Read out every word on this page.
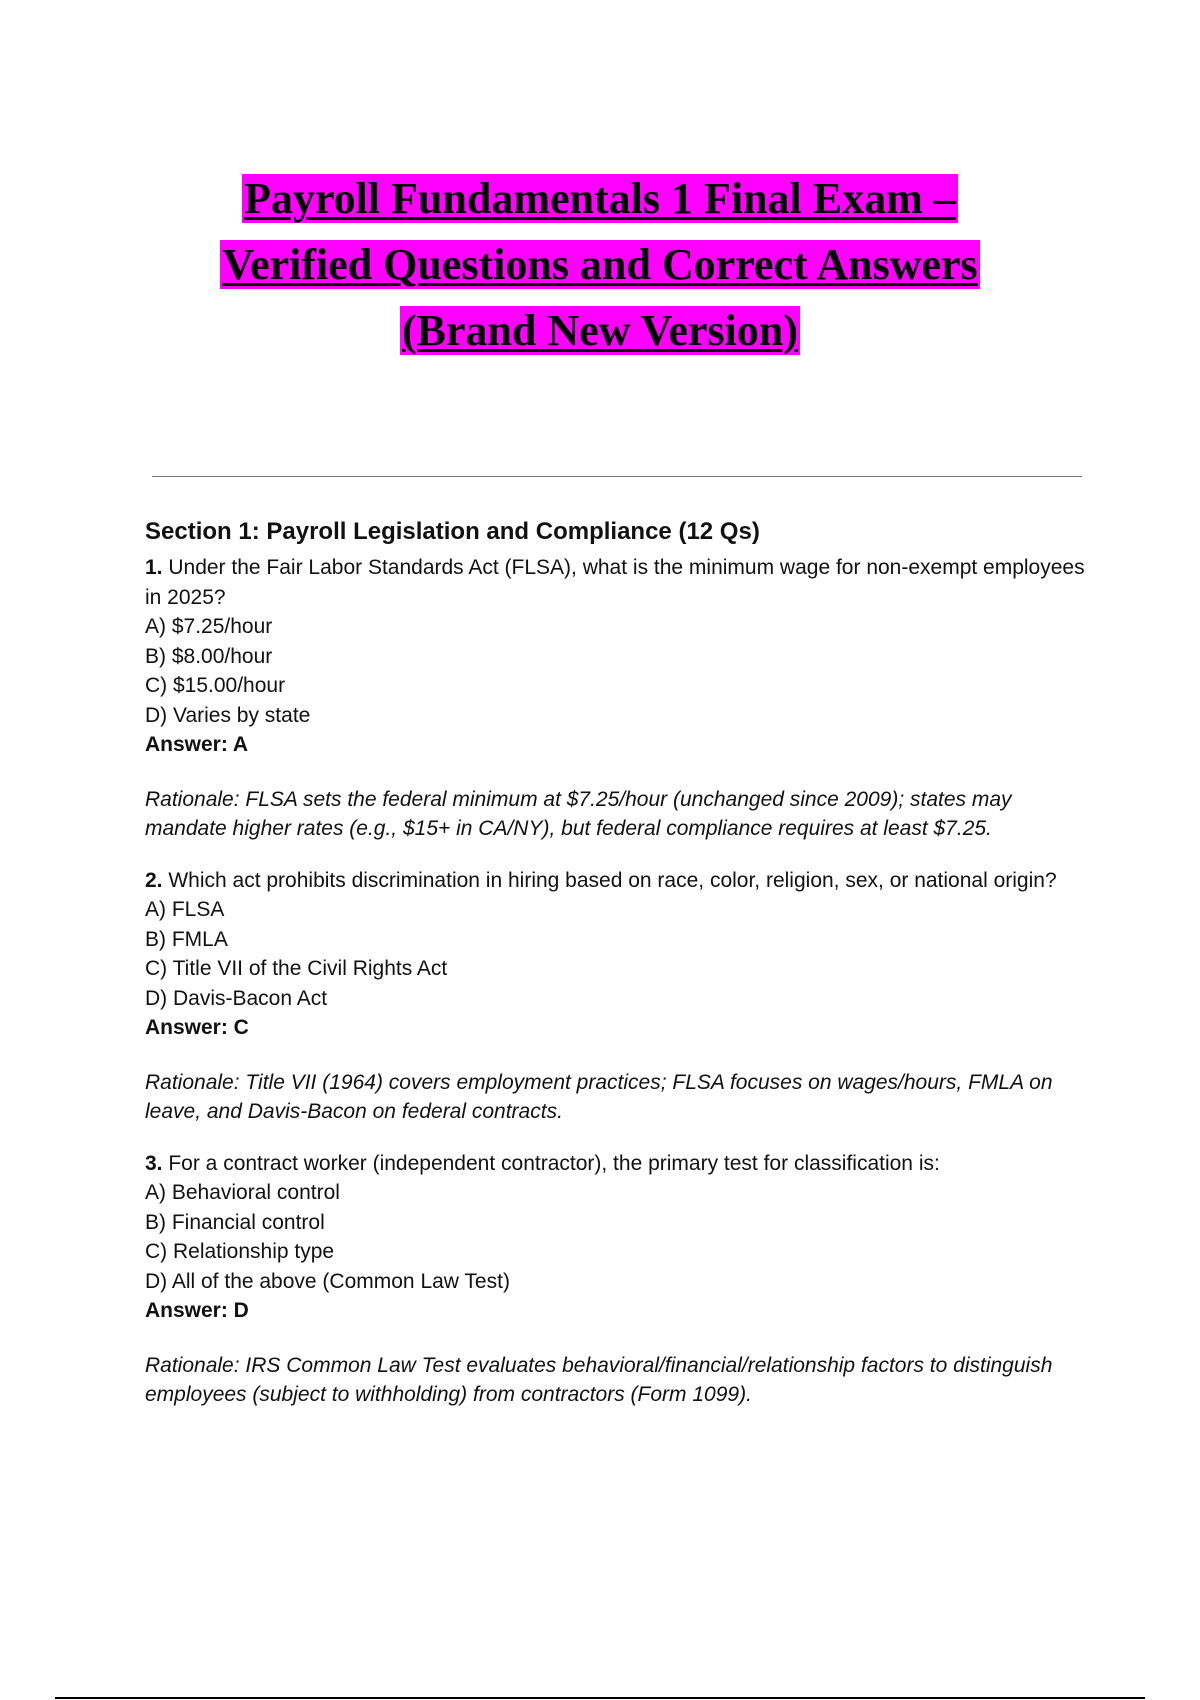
Payroll Fundamentals 1 Final Exam –
Verified Questions and Correct Answers
(Brand New Version)
Section 1: Payroll Legislation and Compliance (12 Qs)

1. Under the Fair Labor Standards Act (FLSA), what is the minimum wage for non-exempt employees in 2025?

A) $7.25/hour

B) $8.00/hour

C) $15.00/hour

D) Varies by state

Answer: A

Rationale: FLSA sets the federal minimum at $7.25/hour (unchanged since 2009); states may mandate higher rates (e.g., $15+ in CA/NY), but federal compliance requires at least $7.25.

2. Which act prohibits discrimination in hiring based on race, color, religion, sex, or national origin?

A) FLSA

B) FMLA

C) Title VII of the Civil Rights Act

D) Davis-Bacon Act

Answer: C

Rationale: Title VII (1964) covers employment practices; FLSA focuses on wages/hours, FMLA on leave, and Davis-Bacon on federal contracts.

3. For a contract worker (independent contractor), the primary test for classification is:

A) Behavioral control

B) Financial control

C) Relationship type

D) All of the above (Common Law Test)

Answer: D

Rationale: IRS Common Law Test evaluates behavioral/financial/relationship factors to distinguish employees (subject to withholding) from contractors (Form 1099).
